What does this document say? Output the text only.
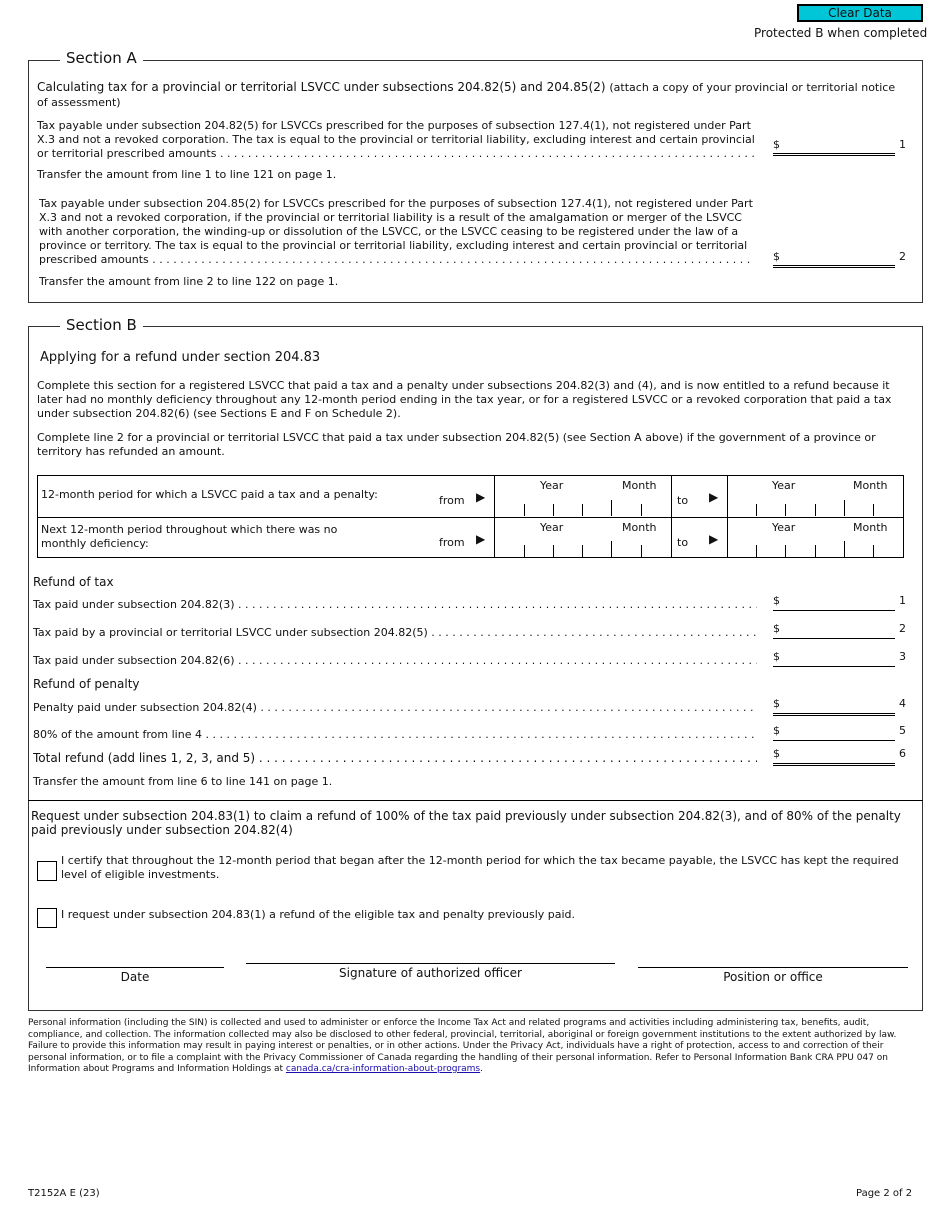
Clear Data
Protected B when completed
Section A
Calculating tax for a provincial or territorial LSVCC under subsections 204.82(5) and 204.85(2) (attach a copy of your provincial or territorial notice of assessment)
Tax payable under subsection 204.82(5) for LSVCCs prescribed for the purposes of subsection 127.4(1), not registered under Part X.3 and not a revoked corporation. The tax is equal to the provincial or territorial liability, excluding interest and certain provincial or territorial prescribed amounts . . .
$	1
Transfer the amount from line 1 to line 121 on page 1.
Tax payable under subsection 204.85(2) for LSVCCs prescribed for the purposes of subsection 127.4(1), not registered under Part X.3 and not a revoked corporation, if the provincial or territorial liability is a result of the amalgamation or merger of the LSVCC with another corporation, the winding-up or dissolution of the LSVCC, or the LSVCC ceasing to be registered under the law of a province or territory. The tax is equal to the provincial or territorial liability, excluding interest and certain provincial or territorial prescribed amounts . . .	$	2
Transfer the amount from line 2 to line 122 on page 1.
Section B
Applying for a refund under section 204.83
Complete this section for a registered LSVCC that paid a tax and a penalty under subsections 204.82(3) and (4), and is now entitled to a refund because it later had no monthly deficiency throughout any 12-month period ending in the tax year, or for a registered LSVCC or a revoked corporation that paid a tax under subsection 204.82(6) (see Sections E and F on Schedule 2).
Complete line 2 for a provincial or territorial LSVCC that paid a tax under subsection 204.82(5) (see Section A above) if the government of a province or territory has refunded an amount.
12-month period for which a LSVCC paid a tax and a penalty:	from ▶
Year	Month
to ▶
Year	Month
Next 12-month period throughout which there was no monthly deficiency:	from ▶
Year	Month
to ▶
Year	Month
Refund of tax
Tax paid under subsection 204.82(3) . . .	$	1
Tax paid by a provincial or territorial LSVCC under subsection 204.82(5) . . .	$	2
Tax paid under subsection 204.82(6) . . .	$	3
Refund of penalty
Penalty paid under subsection 204.82(4) . . .	$	4
80% of the amount from line 4 . . .	$	5
Total refund (add lines 1, 2, 3, and 5) . . .	$	6
Transfer the amount from line 6 to line 141 on page 1.
Request under subsection 204.83(1) to claim a refund of 100% of the tax paid previously under subsection 204.82(3), and of 80% of the penalty paid previously under subsection 204.82(4)
I certify that throughout the 12-month period that began after the 12-month period for which the tax became payable, the LSVCC has kept the required level of eligible investments.
I request under subsection 204.83(1) a refund of the eligible tax and penalty previously paid.
Date	Signature of authorized officer	Position or office
Personal information (including the SIN) is collected and used to administer or enforce the Income Tax Act and related programs and activities including administering tax, benefits, audit, compliance, and collection. The information collected may also be disclosed to other federal, provincial, territorial, aboriginal or foreign government institutions to the extent authorized by law. Failure to provide this information may result in paying interest or penalties, or in other actions. Under the Privacy Act, individuals have a right of protection, access to and correction of their personal information, or to file a complaint with the Privacy Commissioner of Canada regarding the handling of their personal information. Refer to Personal Information Bank CRA PPU 047 on Information about Programs and Information Holdings at canada.ca/cra-information-about-programs.
T2152A E (23)	Page 2 of 2
